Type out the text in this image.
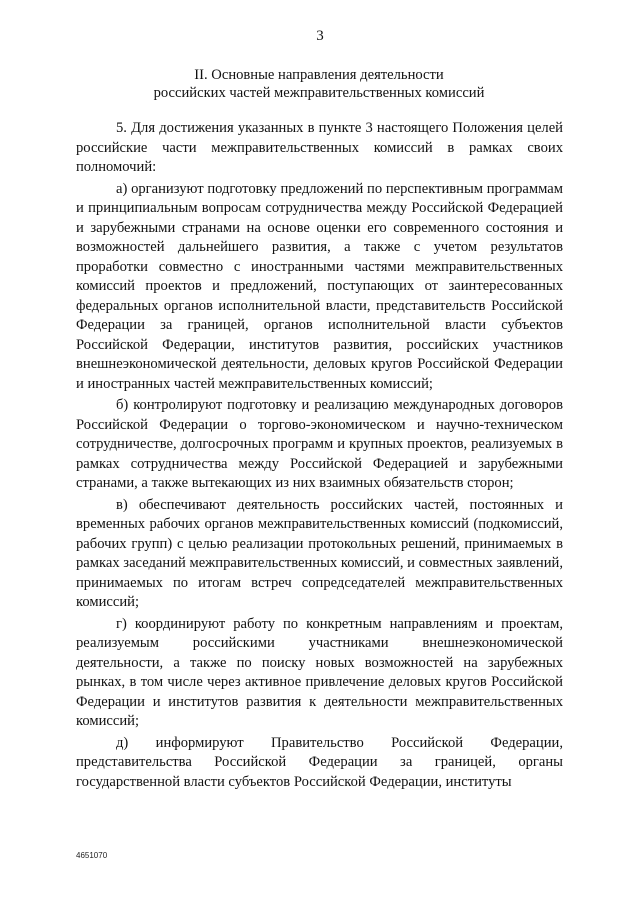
3
II. Основные направления деятельности
российских частей межправительственных комиссий

5. Для достижения указанных в пункте 3 настоящего Положения целей российские части межправительственных комиссий в рамках своих полномочий:

а) организуют подготовку предложений по перспективным программам и принципиальным вопросам сотрудничества между Российской Федерацией и зарубежными странами на основе оценки его современного состояния и возможностей дальнейшего развития, а также с учетом результатов проработки совместно с иностранными частями межправительственных комиссий проектов и предложений, поступающих от заинтересованных федеральных органов исполнительной власти, представительств Российской Федерации за границей, органов исполнительной власти субъектов Российской Федерации, институтов развития, российских участников внешнеэкономической деятельности, деловых кругов Российской Федерации и иностранных частей межправительственных комиссий;

б) контролируют подготовку и реализацию международных договоров Российской Федерации о торгово-экономическом и научно-техническом сотрудничестве, долгосрочных программ и крупных проектов, реализуемых в рамках сотрудничества между Российской Федерацией и зарубежными странами, а также вытекающих из них взаимных обязательств сторон;

в) обеспечивают деятельность российских частей, постоянных и временных рабочих органов межправительственных комиссий (подкомиссий, рабочих групп) с целью реализации протокольных решений, принимаемых в рамках заседаний межправительственных комиссий, и совместных заявлений, принимаемых по итогам встреч сопредседателей межправительственных комиссий;

г) координируют работу по конкретным направлениям и проектам, реализуемым российскими участниками внешнеэкономической деятельности, а также по поиску новых возможностей на зарубежных рынках, в том числе через активное привлечение деловых кругов Российской Федерации и институтов развития к деятельности межправительственных комиссий;

д) информируют Правительство Российской Федерации, представительства Российской Федерации за границей, органы государственной власти субъектов Российской Федерации, институты

4651070
